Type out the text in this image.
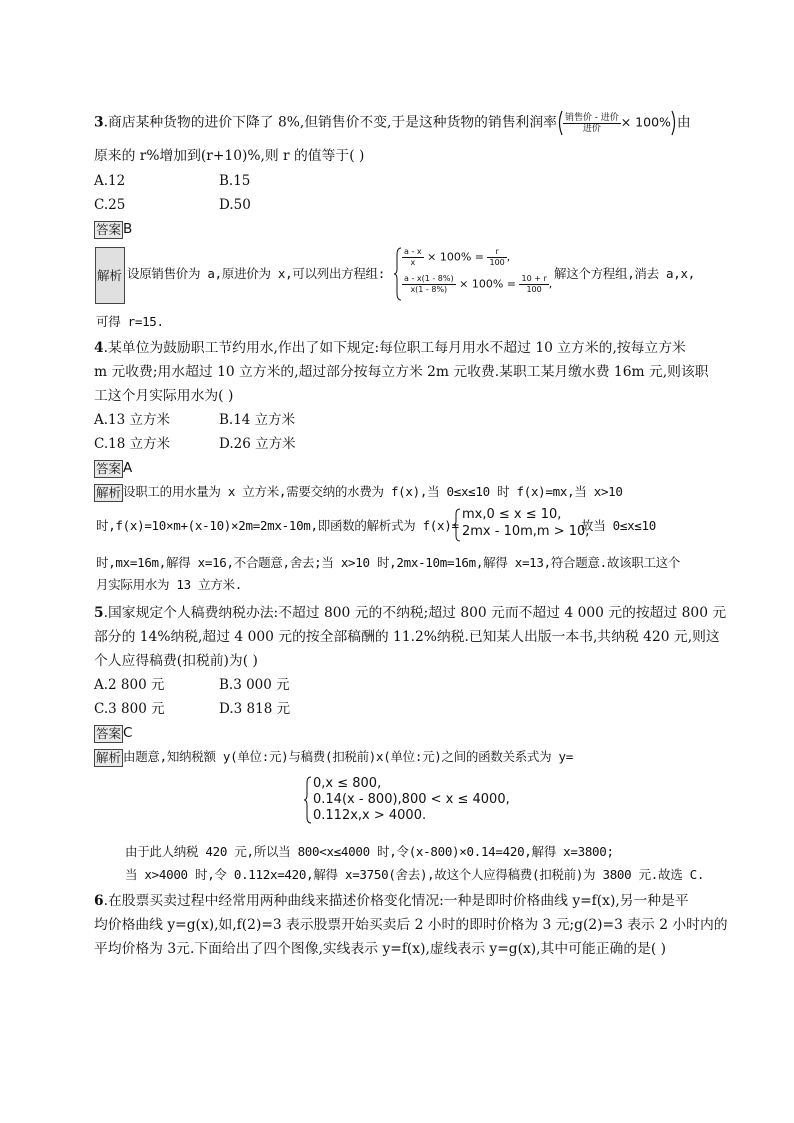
3.商店某种货物的进价下降了 8%,但销售价不变,于是这种货物的销售利润率 $\frac{\text{销售价 - 进价}}{\text{进价}} \times 100\%$ 由
原来的 r%增加到(r+10)%,则 r 的值等于( )
A.12	B.15
C.25	D.50
答案 B
解析 设原销售价为 a,原进价为 x,可以列出方程组:
$\frac{a - x}{x} \times 100\% = \frac{r}{100}$ ,
$\frac{a - x(1 - 8\%)}{x(1 - 8\%)} \times 100\% = \frac{10 + r}{100}$ ,
解这个方程组,消去 a,x,
可得 r=15.
4.某单位为鼓励职工节约用水,作出了如下规定:每位职工每月用水不超过 10 立方米的,按每立方米
m 元收费;用水超过 10 立方米的,超过部分按每立方米 2m 元收费.某职工某月缴水费 16m 元,则该职
工这个月实际用水为( )
A.13 立方米	B.14 立方米
C.18 立方米	D.26 立方米
答案 A
解析 设职工的用水量为 x 立方米,需要交纳的水费为 f(x),当 0≤x≤10 时 f(x)=mx,当 x>10
时,f(x)=10×m+(x-10)×2m=2mx-10m,即函数的解析式为 f(x)=
mx,0 ≤ x ≤ 10,
2mx - 10m,m > 10,
故当 0≤x≤10
时,mx=16m,解得 x=16,不合题意,舍去;当 x>10 时,2mx-10m=16m,解得 x=13,符合题意.故该职工这个
月实际用水为 13 立方米.
5.国家规定个人稿费纳税办法:不超过 800 元的不纳税;超过 800 元而不超过 4 000 元的按超过 800 元
部分的 14%纳税,超过 4 000 元的按全部稿酬的 11.2%纳税.已知某人出版一本书,共纳税 420 元,则这
个人应得稿费(扣税前)为( )
A.2 800 元	B.3 000 元
C.3 800 元	D.3 818 元
答案 C
解析 由题意,知纳税额 y(单位:元)与稿费(扣税前)x(单位:元)之间的函数关系式为 y=
0,x ≤ 800,
0.14(x - 800),800 < x ≤ 4000,
0.112x,x > 4000.
由于此人纳税 420 元,所以当 800<x≤4000 时,令(x-800)×0.14=420,解得 x=3800;
当 x>4000 时,令 0.112x=420,解得 x=3750(舍去),故这个人应得稿费(扣税前)为 3800 元.故选 C.
6.在股票买卖过程中经常用两种曲线来描述价格变化情况:一种是即时价格曲线 y=f(x),另一种是平
均价格曲线 y=g(x),如,f(2)=3 表示股票开始买卖后 2 小时的即时价格为 3 元;g(2)=3 表示 2 小时内的
平均价格为 3元.下面给出了四个图像,实线表示 y=f(x),虚线表示 y=g(x),其中可能正确的是( )
